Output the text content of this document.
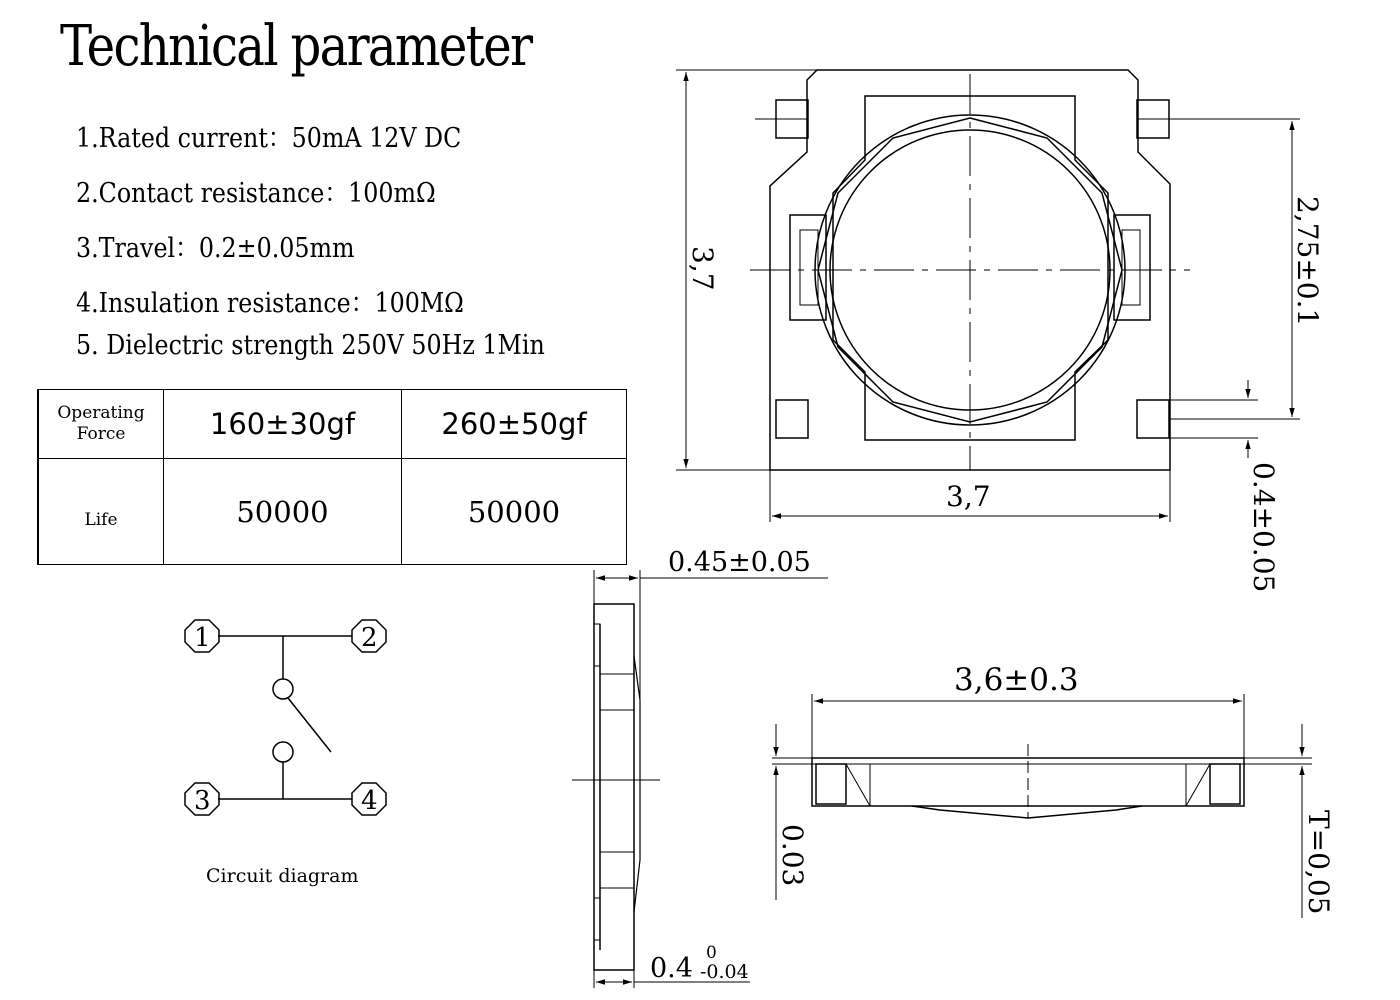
Technical parameter
1.Rated current：50mA 12V DC
2.Contact resistance：100mΩ
3.Travel：0.2±0.05mm
4.Insulation resistance：100MΩ
5. Dielectric strength 250V 50Hz 1Min
Operating
Force	160±30gf	260±50gf
Life	50000	50000
3,7
3,7
2,75±0.1
0.4±0.05
1	2
3	4
Circuit diagram
0.45±0.05
0.4 0
-0.04
3,6±0.3
0.03	T=0,05
